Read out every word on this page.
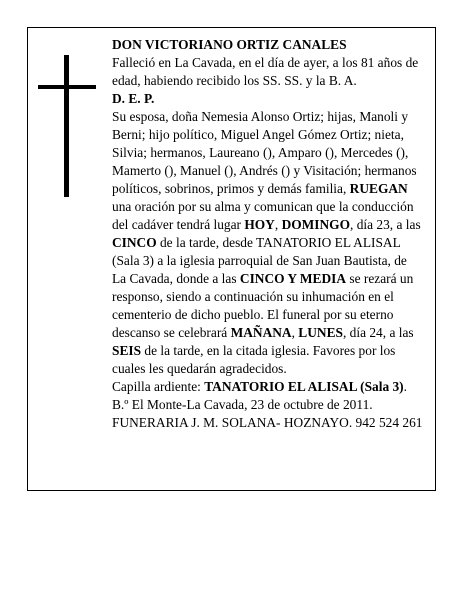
DON VICTORIANO ORTIZ CANALES

Falleció en La Cavada, en el día de ayer, a los 81 años de edad, habiendo recibido los SS. SS. y la B. A.

D. E. P.

Su esposa, doña Nemesia Alonso Ortiz; hijas, Manoli y Berni; hijo político, Miguel Angel Gómez Ortiz; nieta, Silvia; hermanos, Laureano (), Amparo (), Mercedes (), Mamerto (), Manuel (), Andrés () y Visitación; hermanos políticos, sobrinos, primos y demás familia, RUEGAN una oración por su alma y comunican que la conducción del cadáver tendrá lugar HOY, DOMINGO, día 23, a las CINCO de la tarde, desde TANATORIO EL ALISAL (Sala 3) a la iglesia parroquial de San Juan Bautista, de La Cavada, donde a las CINCO Y MEDIA se rezará un responso, siendo a continuación su inhumación en el cementerio de dicho pueblo. El funeral por su eterno descanso se celebrará MAÑANA, LUNES, día 24, a las SEIS de la tarde, en la citada iglesia. Favores por los cuales les quedarán agradecidos.

Capilla ardiente: TANATORIO EL ALISAL (Sala 3).

B.º El Monte-La Cavada, 23 de octubre de 2011.

FUNERARIA J. M. SOLANA- HOZNAYO. 942 524 261
